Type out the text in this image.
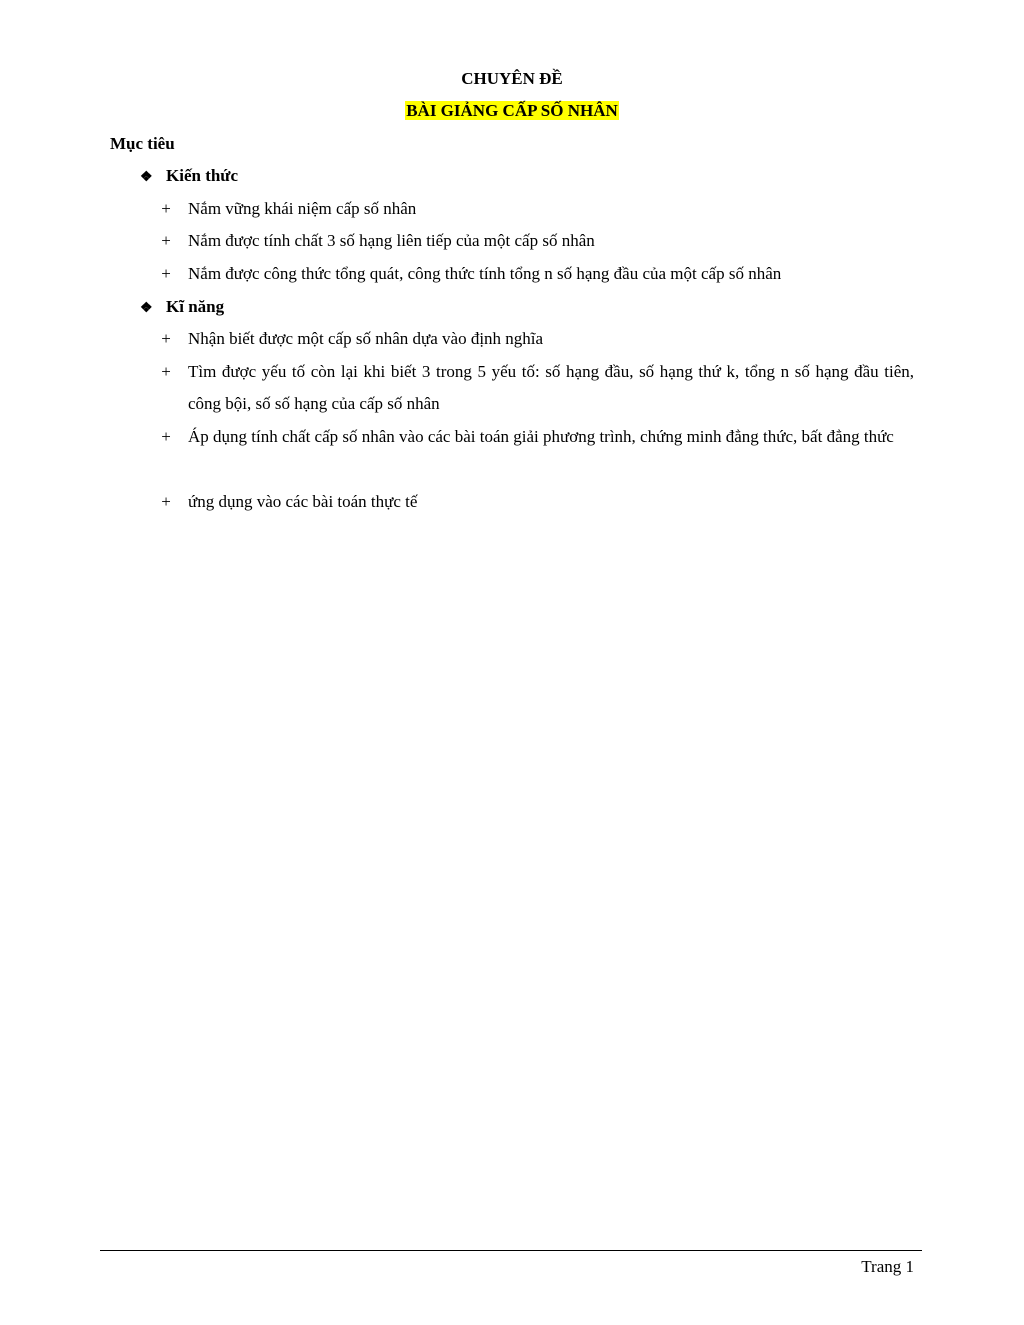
CHUYÊN ĐỀ
BÀI GIẢNG CẤP SỐ NHÂN
Mục tiêu
❖ Kiến thức
+ Nắm vững khái niệm cấp số nhân
+ Nắm được tính chất 3 số hạng liên tiếp của một cấp số nhân
+ Nắm được công thức tổng quát, công thức tính tổng n số hạng đầu của một cấp số nhân
❖ Kĩ năng
+ Nhận biết được một cấp số nhân dựa vào định nghĩa
+ Tìm được yếu tố còn lại khi biết 3 trong 5 yếu tố: số hạng đầu, số hạng thứ k, tổng n số hạng đầu tiên, công bội, số số hạng của cấp số nhân
+ Áp dụng tính chất cấp số nhân vào các bài toán giải phương trình, chứng minh đẳng thức, bất đẳng thức
+ ứng dụng vào các bài toán thực tế
Trang 1
